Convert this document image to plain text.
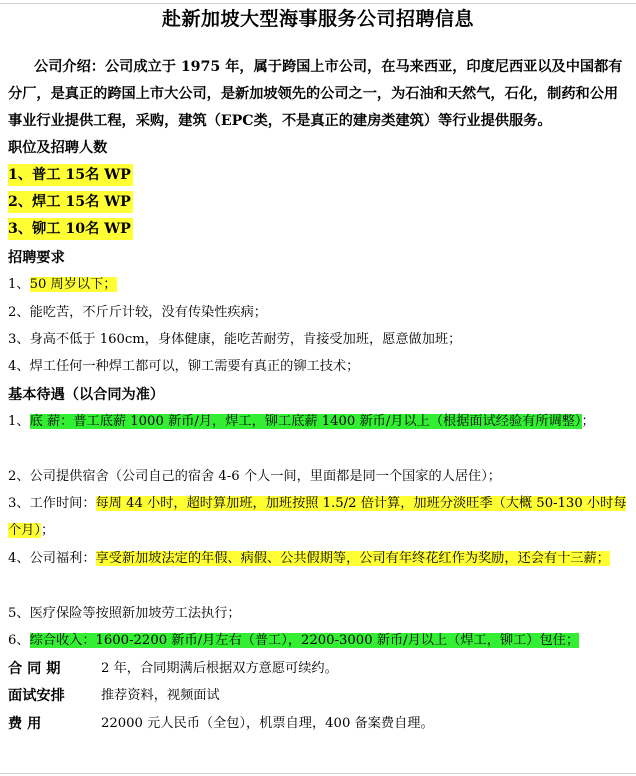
赴新加坡大型海事服务公司招聘信息
公司介绍：公司成立于 1975 年，属于跨国上市公司，在马来西亚，印度尼西亚以及中国都有分厂，是真正的跨国上市大公司，是新加坡领先的公司之一，为石油和天然气，石化，制药和公用事业行业提供工程，采购，建筑（EPC类，不是真正的建房类建筑）等行业提供服务。
职位及招聘人数
1、普工 15名 WP
2、焊工 15名 WP
3、铆工 10名 WP
招聘要求
1、50 周岁以下；
2、能吃苦，不斤斤计较，没有传染性疾病；
3、身高不低于 160cm，身体健康，能吃苦耐劳，肯接受加班，愿意做加班；
4、焊工任何一种焊工都可以，铆工需要有真正的铆工技术；
基本待遇（以合同为准）
1、底 薪：普工底薪 1000 新币/月，焊工，铆工底薪 1400 新币/月以上（根据面试经验有所调整）；
2、公司提供宿舍（公司自己的宿舍 4-6 个人一间，里面都是同一个国家的人居住）；
3、工作时间：每周 44 小时，超时算加班，加班按照 1.5/2 倍计算，加班分淡旺季（大概 50-130 小时每个月）；
4、公司福利：享受新加坡法定的年假、病假、公共假期等，公司有年终花红作为奖励，还会有十三薪；
5、医疗保险等按照新加坡劳工法执行；
6、综合收入：1600-2200 新币/月左右（普工），2200-3000 新币/月以上（焊工，铆工）包住；
合 同 期	2 年，合同期满后根据双方意愿可续约。
面试安排	推荐资料，视频面试
费 用	22000 元人民币（全包），机票自理，400 备案费自理。
